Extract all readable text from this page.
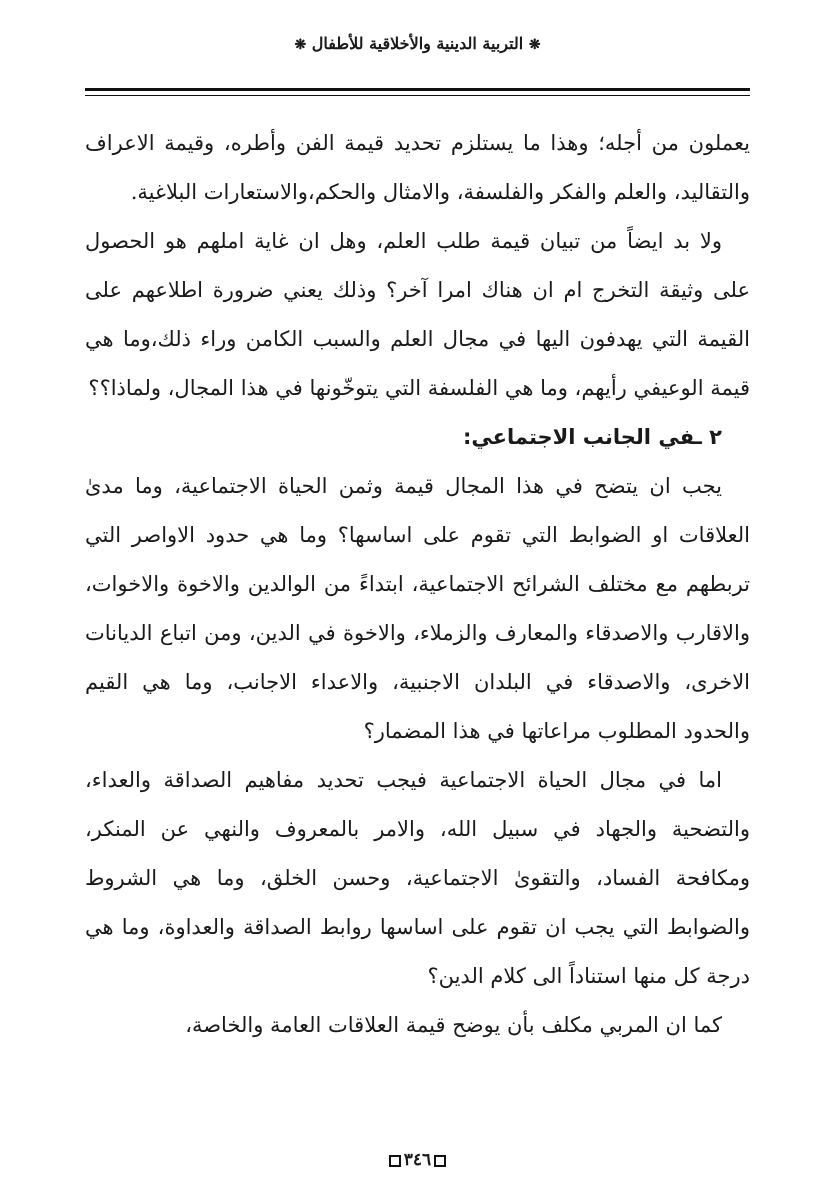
❋ التربية الدينية والأخلاقية للأطفال ❋

يعملون من أجله؛ وهذا ما يستلزم تحديد قيمة الفن وأطره، وقيمة الاعراف والتقاليد، والعلم والفكر والفلسفة، والامثال والحكم،والاستعارات البلاغية.

ولا بد ايضاً من تبيان قيمة طلب العلم، وهل ان غاية املهم هو الحصول على وثيقة التخرج ام ان هناك امرا آخر؟ وذلك يعني ضرورة اطلاعهم على القيمة التي يهدفون اليها في مجال العلم والسبب الكامن وراء ذلك،وما هي قيمة الوعيفي رأيهم، وما هي الفلسفة التي يتوخّونها في هذا المجال، ولماذا؟؟

٢ ـفي الجانب الاجتماعي:

يجب ان يتضح في هذا المجال قيمة وثمن الحياة الاجتماعية، وما مدىٰ العلاقات او الضوابط التي تقوم على اساسها؟ وما هي حدود الاواصر التي تربطهم مع مختلف الشرائح الاجتماعية، ابتداءً من الوالدين والاخوة والاخوات، والاقارب والاصدقاء والمعارف والزملاء، والاخوة في الدين، ومن اتباع الديانات الاخرى، والاصدقاء في البلدان الاجنبية، والاعداء الاجانب، وما هي القيم والحدود المطلوب مراعاتها في هذا المضمار؟

اما في مجال الحياة الاجتماعية فيجب تحديد مفاهيم الصداقة والعداء، والتضحية والجهاد في سبيل الله، والامر بالمعروف والنهي عن المنكر، ومكافحة الفساد، والتقوىٰ الاجتماعية، وحسن الخلق، وما هي الشروط والضوابط التي يجب ان تقوم على اساسها روابط الصداقة والعداوة، وما هي درجة كل منها استناداً الى كلام الدين؟

كما ان المربي مكلف بأن يوضح قيمة العلاقات العامة والخاصة،

٣٤٦
